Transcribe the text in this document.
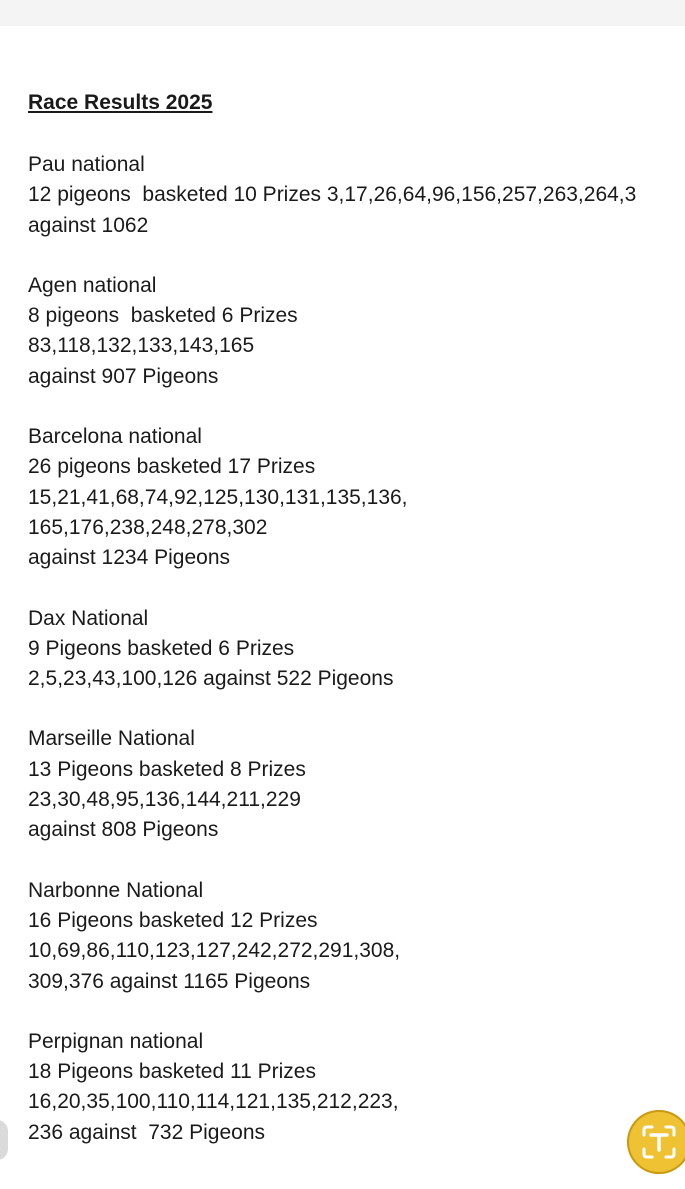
Race Results 2025
Pau national
12 pigeons  basketed 10 Prizes 3,17,26,64,96,156,257,263,264,3
against 1062
Agen national
8 pigeons  basketed 6 Prizes
83,118,132,133,143,165
against 907 Pigeons
Barcelona national
26 pigeons basketed 17 Prizes
15,21,41,68,74,92,125,130,131,135,136,
165,176,238,248,278,302
against 1234 Pigeons
Dax National
9 Pigeons basketed 6 Prizes
2,5,23,43,100,126 against 522 Pigeons
Marseille National
13 Pigeons basketed 8 Prizes
23,30,48,95,136,144,211,229
against 808 Pigeons
Narbonne National
16 Pigeons basketed 12 Prizes
10,69,86,110,123,127,242,272,291,308,
309,376 against 1165 Pigeons
Perpignan national
18 Pigeons basketed 11 Prizes
16,20,35,100,110,114,121,135,212,223,
236 against  732 Pigeons
